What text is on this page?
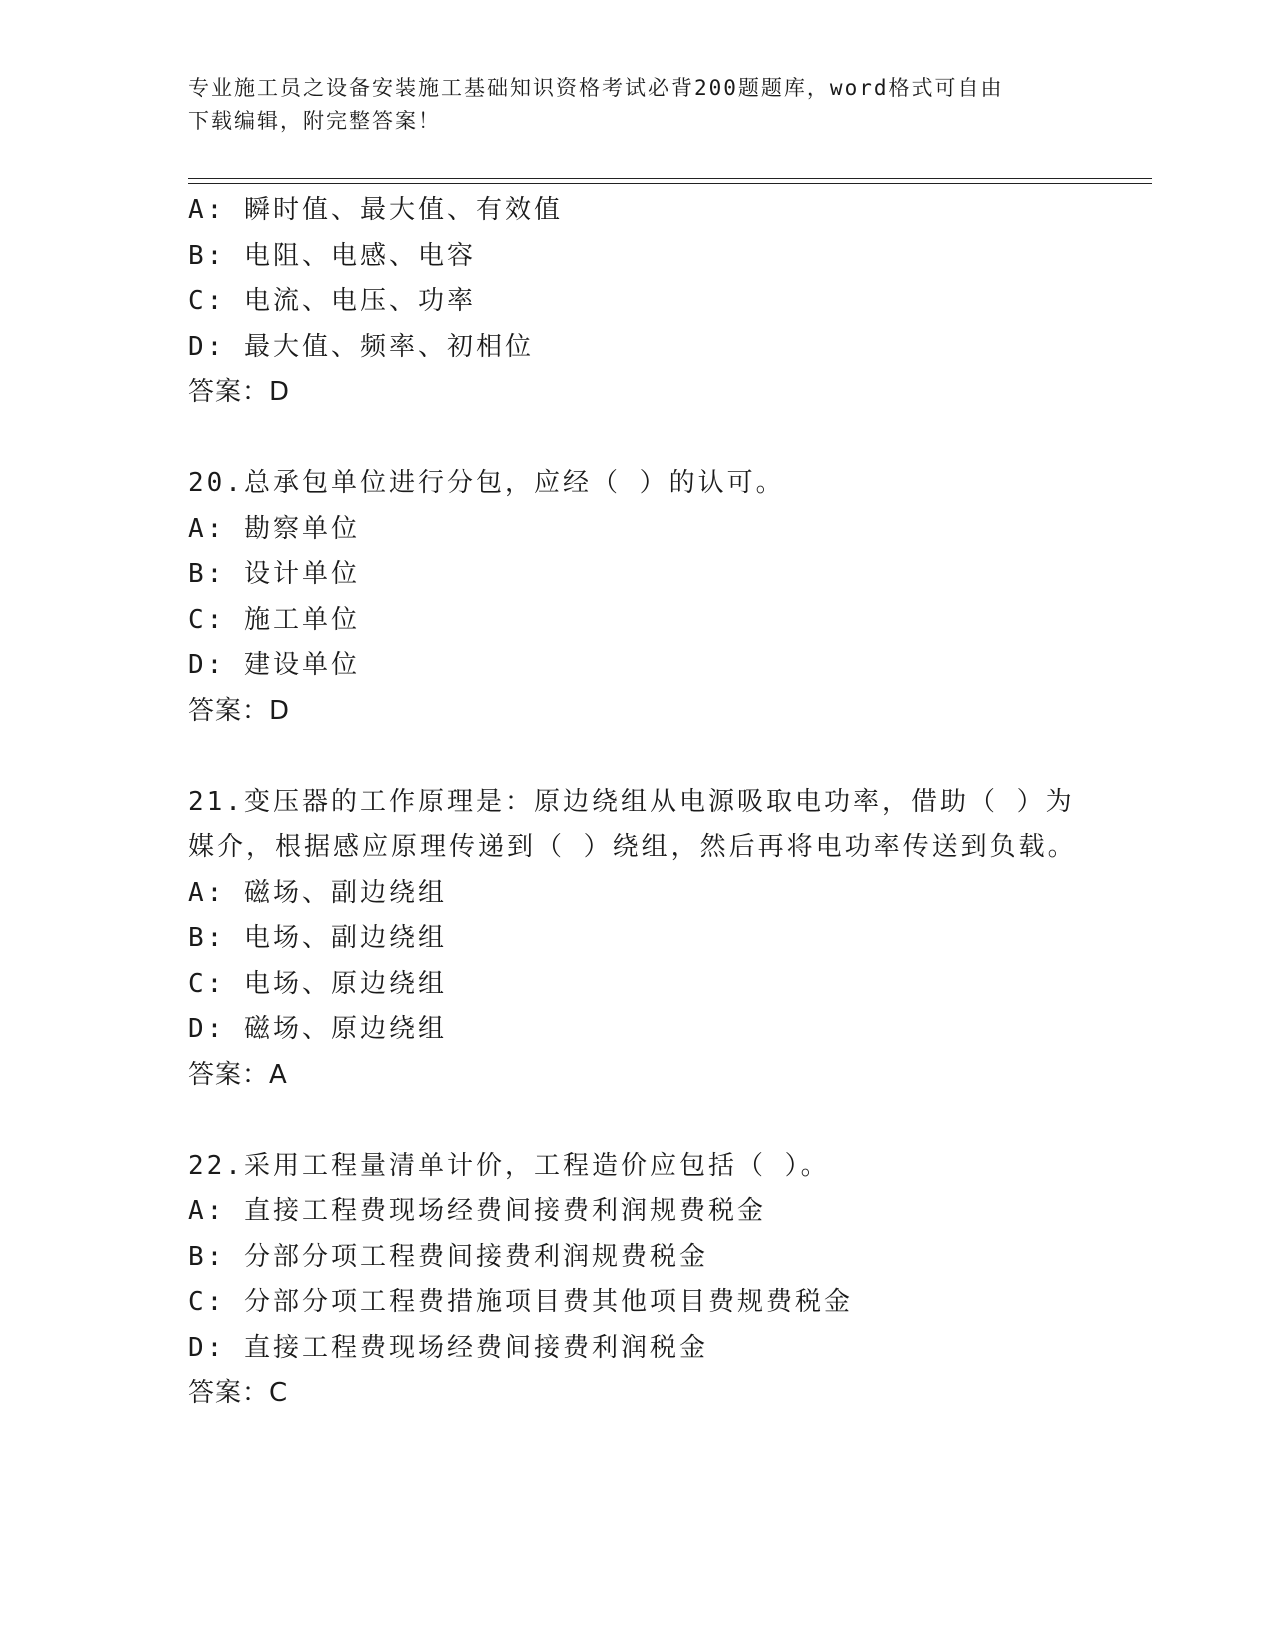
专业施工员之设备安装施工基础知识资格考试必背200题题库，word格式可自由
下载编辑，附完整答案！
A: 瞬时值、最大值、有效值
B: 电阻、电感、电容
C: 电流、电压、功率
D: 最大值、频率、初相位
答案：D
20.总承包单位进行分包，应经（ ）的认可。
A: 勘察单位
B: 设计单位
C: 施工单位
D: 建设单位
答案：D
21.变压器的工作原理是：原边绕组从电源吸取电功率，借助（ ）为
媒介，根据感应原理传递到（ ）绕组，然后再将电功率传送到负载。
A: 磁场、副边绕组
B: 电场、副边绕组
C: 电场、原边绕组
D: 磁场、原边绕组
答案：A
22.采用工程量清单计价，工程造价应包括（ ）。
A: 直接工程费现场经费间接费利润规费税金
B: 分部分项工程费间接费利润规费税金
C: 分部分项工程费措施项目费其他项目费规费税金
D: 直接工程费现场经费间接费利润税金
答案：C
